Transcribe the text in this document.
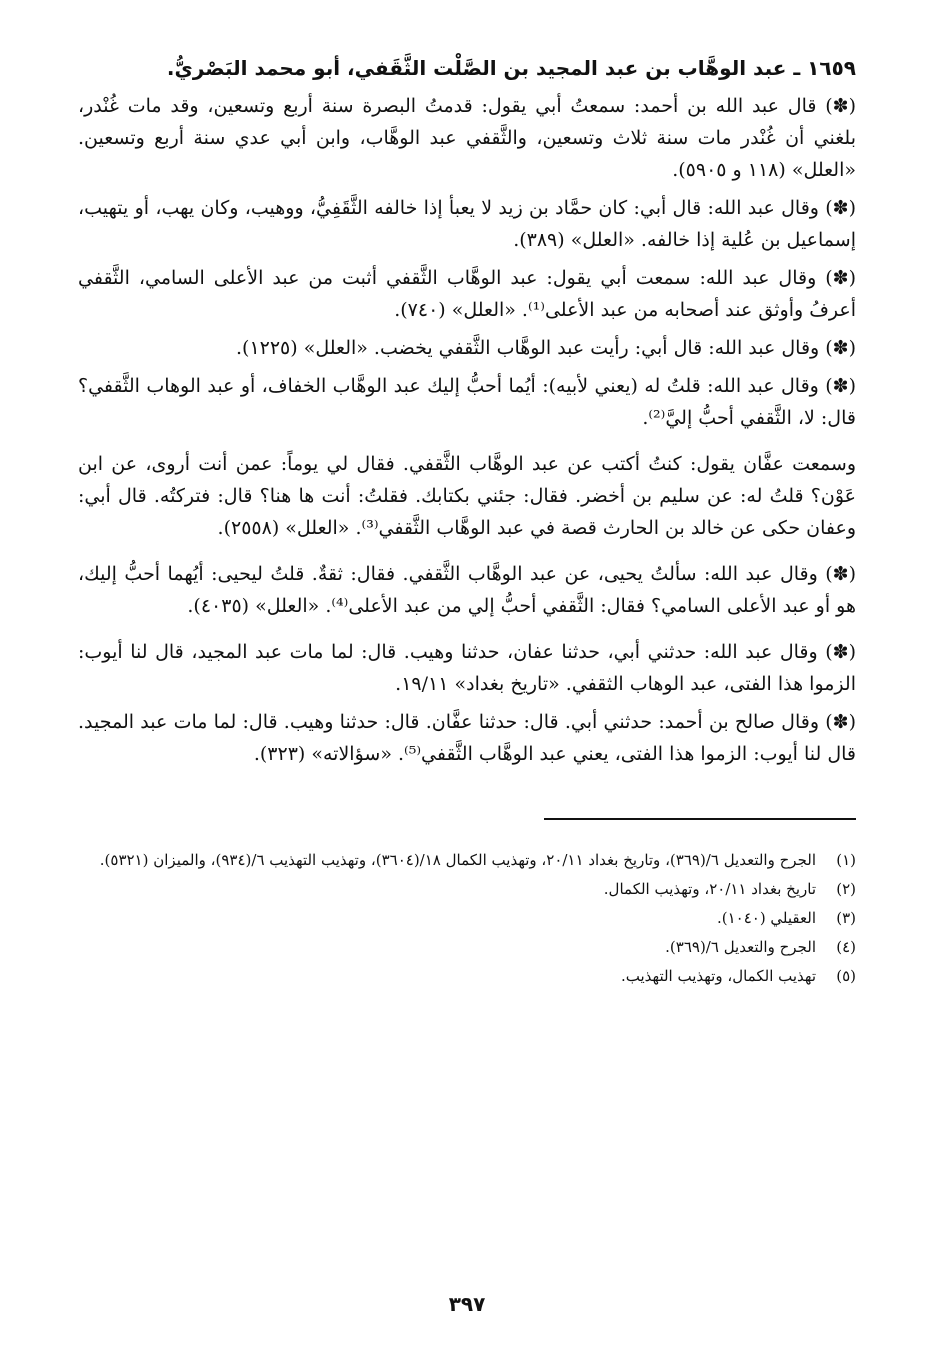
١٦٥٩ ـ عبد الوهَّاب بن عبد المجيد بن الصَّلْت الثَّقَفي، أبو محمد البَصْريُّ.

(✽) قال عبد الله بن أحمد: سمعتُ أبي يقول: قدمتُ البصرة سنة أربع وتسعين، وقد مات غُنْدر، بلغني أن غُنْدر مات سنة ثلاث وتسعين، والثَّقفي عبد الوهَّاب، وابن أبي عدي سنة أربع وتسعين. «العلل» (١١٨ و ٥٩٠٥).

(✽) وقال عبد الله: قال أبي: كان حمَّاد بن زيد لا يعبأ إذا خالفه الثَّقَفِيُّ، ووهيب، وكان يهب، أو يتهيب، إسماعيل بن عُلية إذا خالفه. «العلل» (٣٨٩).

(✽) وقال عبد الله: سمعت أبي يقول: عبد الوهَّاب الثَّقفي أثبت من عبد الأعلى السامي، الثَّقفي أعرفُ وأوثق عند أصحابه من عبد الأعلى⁽¹⁾. «العلل» (٧٤٠).

(✽) وقال عبد الله: قال أبي: رأيت عبد الوهَّاب الثَّقفي يخضب. «العلل» (١٢٢٥).

(✽) وقال عبد الله: قلتُ له (يعني لأبيه): أيُما أحبُّ إليك عبد الوهَّاب الخفاف، أو عبد الوهاب الثَّقفي؟ قال: لا، الثَّقفي أحبُّ إليَّ⁽²⁾.

وسمعت عفَّان يقول: كنتُ أكتب عن عبد الوهَّاب الثَّقفي. فقال لي يوماً: عمن أنت أروى، عن ابن عَوْن؟ قلتُ له: عن سليم بن أخضر. فقال: جئني بكتابك. فقلتُ: أنت ها هنا؟ قال: فتركتُه. قال أبي: وعفان حكى عن خالد بن الحارث قصة في عبد الوهَّاب الثَّقفي⁽³⁾. «العلل» (٢٥٥٨).

(✽) وقال عبد الله: سألتُ يحيى، عن عبد الوهَّاب الثَّقفي. فقال: ثقةٌ. قلتُ ليحيى: أيُهما أحبُّ إليك، هو أو عبد الأعلى السامي؟ فقال: الثَّقفي أحبُّ إلي من عبد الأعلى⁽⁴⁾. «العلل» (٤٠٣٥).

(✽) وقال عبد الله: حدثني أبي، حدثنا عفان، حدثنا وهيب. قال: لما مات عبد المجيد، قال لنا أيوب: الزموا هذا الفتى، عبد الوهاب الثقفي. «تاريخ بغداد» ١٩/١١.

(✽) وقال صالح بن أحمد: حدثني أبي. قال: حدثنا عفَّان. قال: حدثنا وهيب. قال: لما مات عبد المجيد. قال لنا أيوب: الزموا هذا الفتى، يعني عبد الوهَّاب الثَّقفي⁽⁵⁾. «سؤالاته» (٣٢٣).

(١)
الجرح والتعديل ٦/(٣٦٩)، وتاريخ بغداد ٢٠/١١، وتهذيب الكمال ١٨/(٣٦٠٤)، وتهذيب التهذيب ٦/(٩٣٤)، والميزان (٥٣٢١).
(٢)
تاريخ بغداد ٢٠/١١، وتهذيب الكمال.
(٣)
العقيلي (١٠٤٠).
(٤)
الجرح والتعديل ٦/(٣٦٩).
(٥)
تهذيب الكمال، وتهذيب التهذيب.
٣٩٧
